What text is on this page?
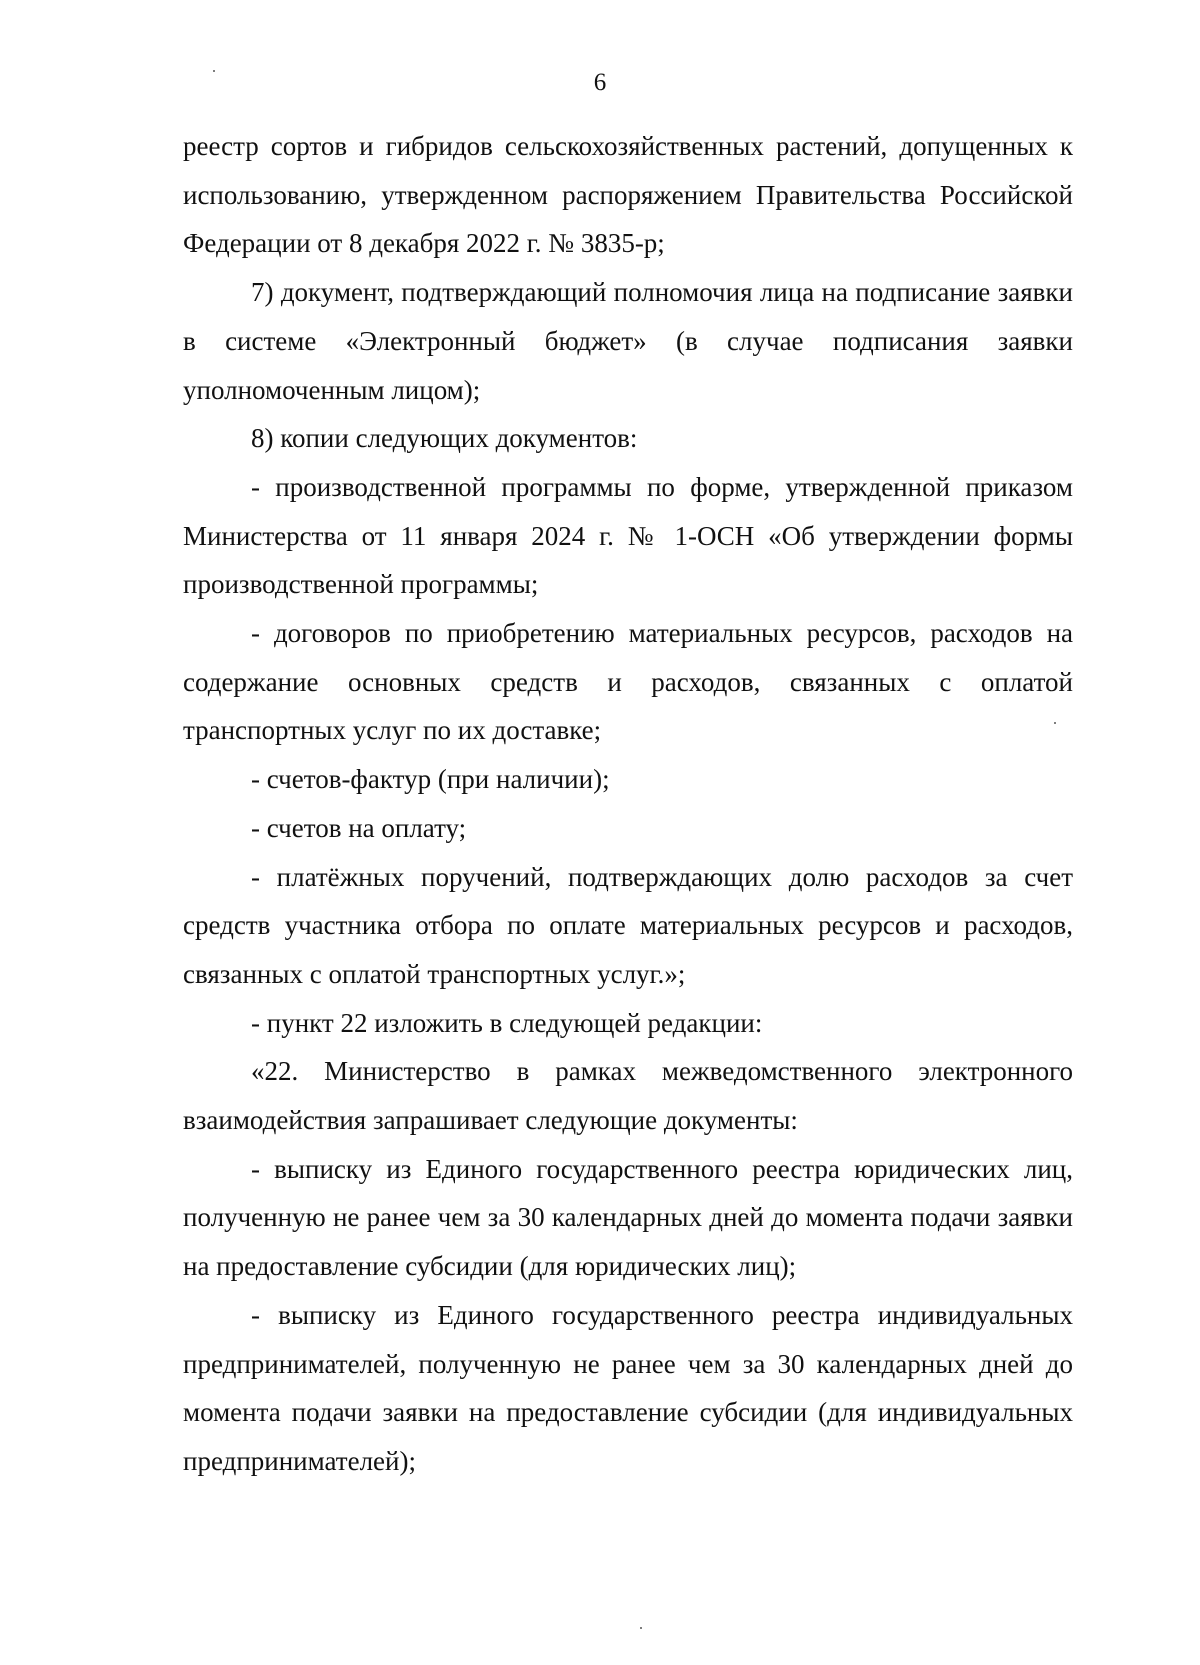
6

реестр сортов и гибридов сельскохозяйственных растений, допущенных к использованию, утвержденном распоряжением Правительства Российской Федерации от 8 декабря 2022 г. № 3835-р;

7) документ, подтверждающий полномочия лица на подписание заявки в системе «Электронный бюджет» (в случае подписания заявки уполномоченным лицом);

8) копии следующих документов:

- производственной программы по форме, утвержденной приказом Министерства от 11 января 2024 г. № 1-ОСН «Об утверждении формы производственной программы;

- договоров по приобретению материальных ресурсов, расходов на содержание основных средств и расходов, связанных с оплатой транспортных услуг по их доставке;

- счетов-фактур (при наличии);

- счетов на оплату;

- платёжных поручений, подтверждающих долю расходов за счет средств участника отбора по оплате материальных ресурсов и расходов, связанных с оплатой транспортных услуг.»;

- пункт 22 изложить в следующей редакции:

«22. Министерство в рамках межведомственного электронного взаимодействия запрашивает следующие документы:

- выписку из Единого государственного реестра юридических лиц, полученную не ранее чем за 30 календарных дней до момента подачи заявки на предоставление субсидии (для юридических лиц);

- выписку из Единого государственного реестра индивидуальных предпринимателей, полученную не ранее чем за 30 календарных дней до момента подачи заявки на предоставление субсидии (для индивидуальных предпринимателей);
